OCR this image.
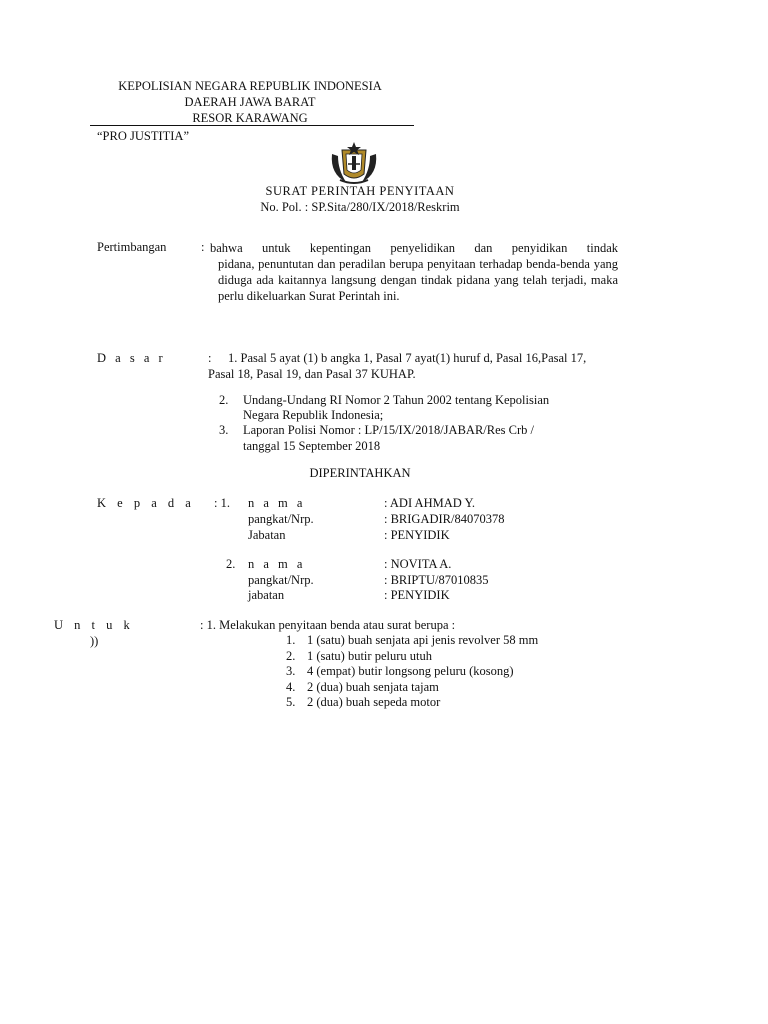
KEPOLISIAN NEGARA REPUBLIK INDONESIA
DAERAH JAWA BARAT
RESOR KARAWANG
“PRO JUSTITIA”
SURAT PERINTAH PENYITAAN
No. Pol. : SP.Sita/280/IX/2018/Reskrim
Pertimbangan	: bahwa untuk kepentingan penyelidikan dan penyidikan tindak
pidana, penuntutan dan peradilan berupa penyitaan terhadap benda-benda yang diduga ada kaitannya langsung dengan tindak pidana yang telah terjadi, maka perlu dikeluarkan Surat Perintah ini.
D a s a r	: 1. Pasal 5 ayat (1) b angka 1, Pasal 7 ayat(1) huruf d, Pasal 16,Pasal 17,
Pasal 18, Pasal 19, dan Pasal 37 KUHAP.
2. Undang-Undang RI Nomor 2 Tahun 2002 tentang Kepolisian
Negara Republik Indonesia;
3. Laporan Polisi Nomor : LP/15/IX/2018/JABAR/Res Crb /
tanggal 15 September 2018
DIPERINTAHKAN
K e p a d a : 1. n a m a	: ADI AHMAD Y.
pangkat/Nrp.	: BRIGADIR/84070378
Jabatan	: PENYIDIK
2. n a m a	: NOVITA A.
pangkat/Nrp.	: BRIPTU/87010835
jabatan	: PENYIDIK
U n t u k
))
: 1. Melakukan penyitaan benda atau surat berupa :
1. 1 (satu) buah senjata api jenis revolver 58 mm
2. 1 (satu) butir peluru utuh
3. 4 (empat) butir longsong peluru (kosong)
4. 2 (dua) buah senjata tajam
5. 2 (dua) buah sepeda motor
